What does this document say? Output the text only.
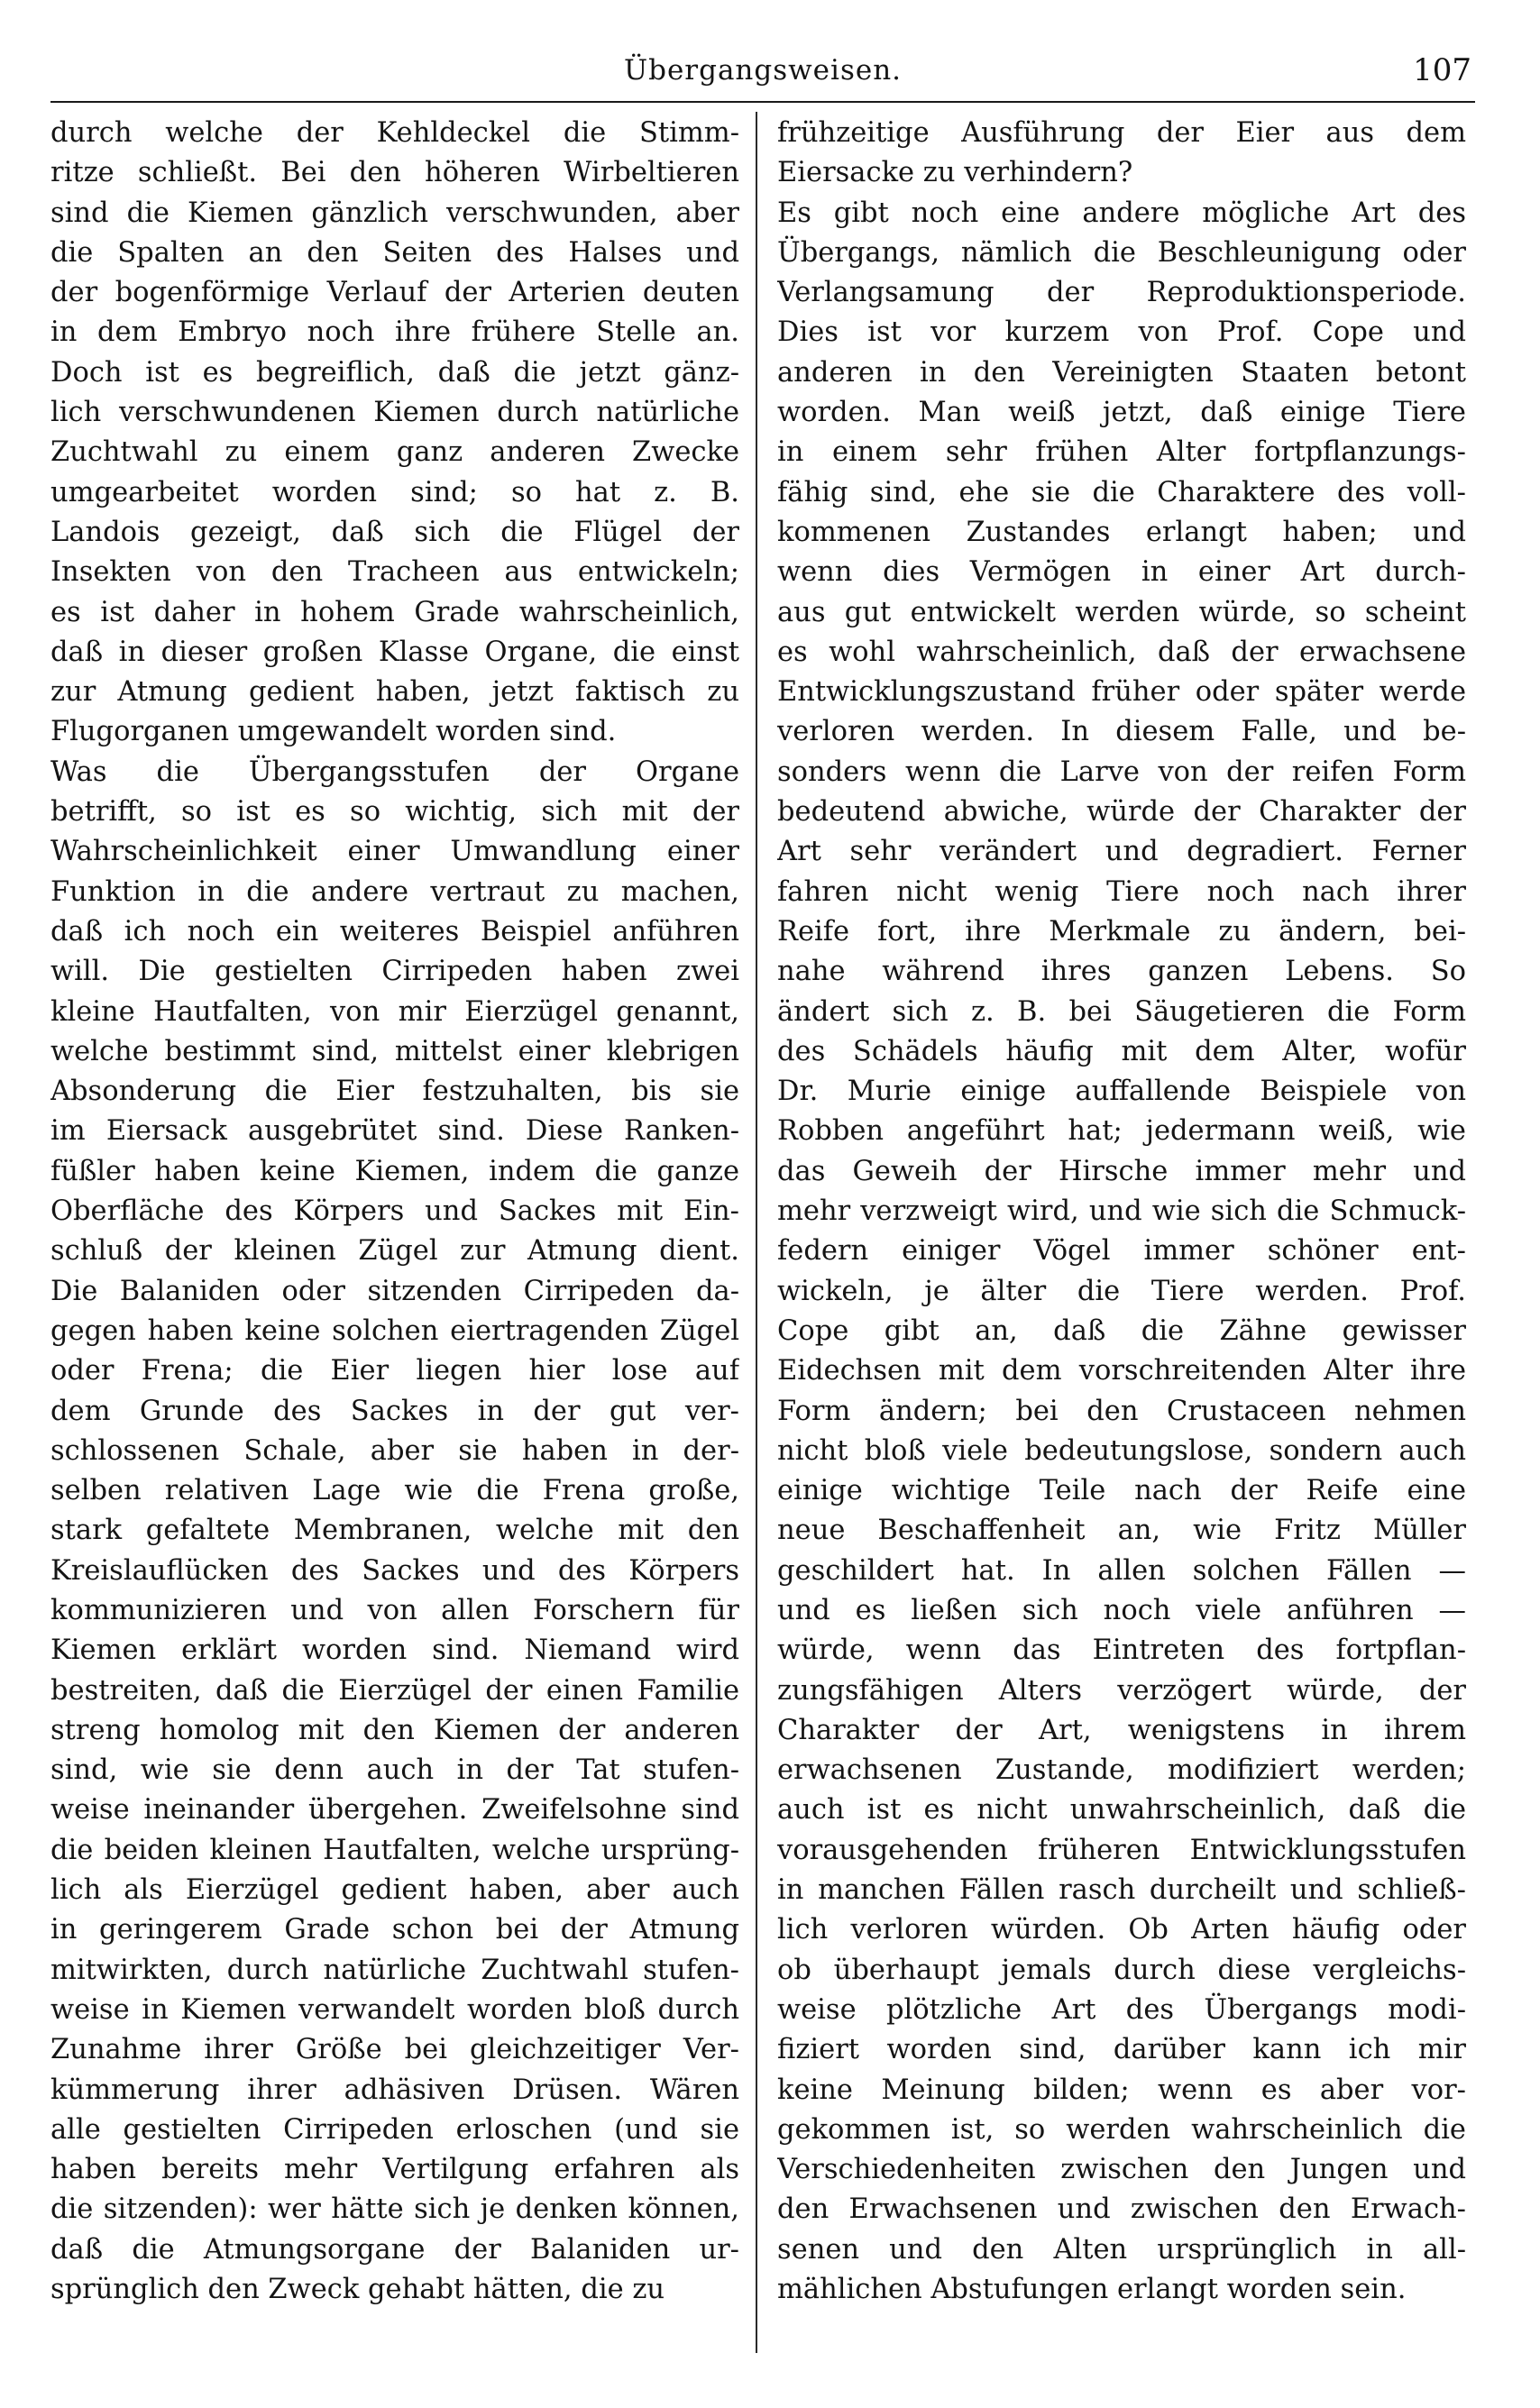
Übergangsweisen.	107
durch welche der Kehldeckel die Stimm-
ritze schließt. Bei den höheren Wirbeltieren
sind die Kiemen gänzlich verschwunden, aber
die Spalten an den Seiten des Halses und
der bogenförmige Verlauf der Arterien deuten
in dem Embryo noch ihre frühere Stelle an.
Doch ist es begreiflich, daß die jetzt gänz-
lich verschwundenen Kiemen durch natürliche
Zuchtwahl zu einem ganz anderen Zwecke
umgearbeitet worden sind; so hat z. B.
Landois gezeigt, daß sich die Flügel der
Insekten von den Tracheen aus entwickeln;
es ist daher in hohem Grade wahrscheinlich,
daß in dieser großen Klasse Organe, die einst
zur Atmung gedient haben, jetzt faktisch zu
Flugorganen umgewandelt worden sind.
Was die Übergangsstufen der Organe
betrifft, so ist es so wichtig, sich mit der
Wahrscheinlichkeit einer Umwandlung einer
Funktion in die andere vertraut zu machen,
daß ich noch ein weiteres Beispiel anführen
will. Die gestielten Cirripeden haben zwei
kleine Hautfalten, von mir Eierzügel genannt,
welche bestimmt sind, mittelst einer klebrigen
Absonderung die Eier festzuhalten, bis sie
im Eiersack ausgebrütet sind. Diese Ranken-
füßler haben keine Kiemen, indem die ganze
Oberfläche des Körpers und Sackes mit Ein-
schluß der kleinen Zügel zur Atmung dient.
Die Balaniden oder sitzenden Cirripeden da-
gegen haben keine solchen eiertragenden Zügel
oder Frena; die Eier liegen hier lose auf
dem Grunde des Sackes in der gut ver-
schlossenen Schale, aber sie haben in der-
selben relativen Lage wie die Frena große,
stark gefaltete Membranen, welche mit den
Kreislauflücken des Sackes und des Körpers
kommunizieren und von allen Forschern für
Kiemen erklärt worden sind. Niemand wird
bestreiten, daß die Eierzügel der einen Familie
streng homolog mit den Kiemen der anderen
sind, wie sie denn auch in der Tat stufen-
weise ineinander übergehen. Zweifelsohne sind
die beiden kleinen Hautfalten, welche ursprüng-
lich als Eierzügel gedient haben, aber auch
in geringerem Grade schon bei der Atmung
mitwirkten, durch natürliche Zuchtwahl stufen-
weise in Kiemen verwandelt worden bloß durch
Zunahme ihrer Größe bei gleichzeitiger Ver-
kümmerung ihrer adhäsiven Drüsen. Wären
alle gestielten Cirripeden erloschen (und sie
haben bereits mehr Vertilgung erfahren als
die sitzenden): wer hätte sich je denken können,
daß die Atmungsorgane der Balaniden ur-
sprünglich den Zweck gehabt hätten, die zu
frühzeitige Ausführung der Eier aus dem
Eiersacke zu verhindern?
Es gibt noch eine andere mögliche Art des
Übergangs, nämlich die Beschleunigung oder
Verlangsamung der Reproduktionsperiode.
Dies ist vor kurzem von Prof. Cope und
anderen in den Vereinigten Staaten betont
worden. Man weiß jetzt, daß einige Tiere
in einem sehr frühen Alter fortpflanzungs-
fähig sind, ehe sie die Charaktere des voll-
kommenen Zustandes erlangt haben; und
wenn dies Vermögen in einer Art durch-
aus gut entwickelt werden würde, so scheint
es wohl wahrscheinlich, daß der erwachsene
Entwicklungszustand früher oder später werde
verloren werden. In diesem Falle, und be-
sonders wenn die Larve von der reifen Form
bedeutend abwiche, würde der Charakter der
Art sehr verändert und degradiert. Ferner
fahren nicht wenig Tiere noch nach ihrer
Reife fort, ihre Merkmale zu ändern, bei-
nahe während ihres ganzen Lebens. So
ändert sich z. B. bei Säugetieren die Form
des Schädels häufig mit dem Alter, wofür
Dr. Murie einige auffallende Beispiele von
Robben angeführt hat; jedermann weiß, wie
das Geweih der Hirsche immer mehr und
mehr verzweigt wird, und wie sich die Schmuck-
federn einiger Vögel immer schöner ent-
wickeln, je älter die Tiere werden. Prof.
Cope gibt an, daß die Zähne gewisser
Eidechsen mit dem vorschreitenden Alter ihre
Form ändern; bei den Crustaceen nehmen
nicht bloß viele bedeutungslose, sondern auch
einige wichtige Teile nach der Reife eine
neue Beschaffenheit an, wie Fritz Müller
geschildert hat. In allen solchen Fällen —
und es ließen sich noch viele anführen —
würde, wenn das Eintreten des fortpflan-
zungsfähigen Alters verzögert würde, der
Charakter der Art, wenigstens in ihrem
erwachsenen Zustande, modifiziert werden;
auch ist es nicht unwahrscheinlich, daß die
vorausgehenden früheren Entwicklungsstufen
in manchen Fällen rasch durcheilt und schließ-
lich verloren würden. Ob Arten häufig oder
ob überhaupt jemals durch diese vergleichs-
weise plötzliche Art des Übergangs modi-
fiziert worden sind, darüber kann ich mir
keine Meinung bilden; wenn es aber vor-
gekommen ist, so werden wahrscheinlich die
Verschiedenheiten zwischen den Jungen und
den Erwachsenen und zwischen den Erwach-
senen und den Alten ursprünglich in all-
mählichen Abstufungen erlangt worden sein.
